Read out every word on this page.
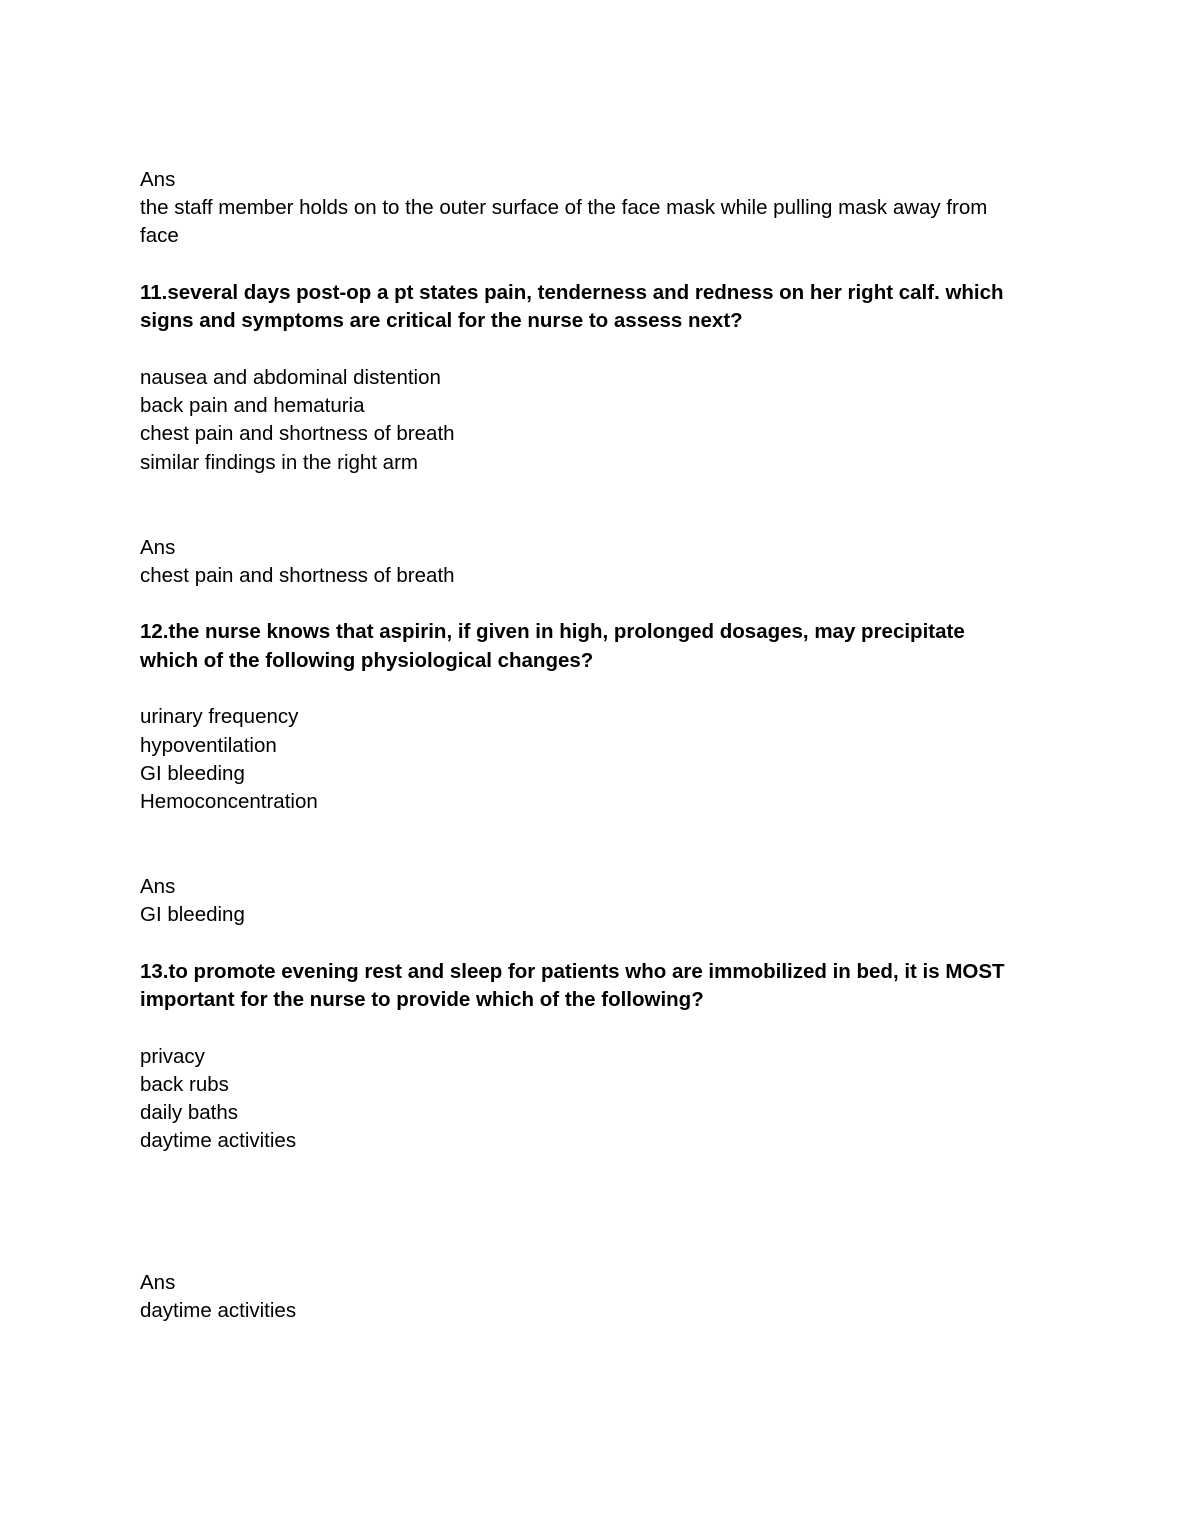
Ans

the staff member holds on to the outer surface of the face mask while pulling mask away from

face

11.several days post-op a pt states pain, tenderness and redness on her right calf. which

signs and symptoms are critical for the nurse to assess next?

nausea and abdominal distention

back pain and hematuria

chest pain and shortness of breath

similar findings in the right arm

Ans

chest pain and shortness of breath

12.the nurse knows that aspirin, if given in high, prolonged dosages, may precipitate

which of the following physiological changes?

urinary frequency

hypoventilation

GI bleeding

Hemoconcentration

Ans

GI bleeding

13.to promote evening rest and sleep for patients who are immobilized in bed, it is MOST

important for the nurse to provide which of the following?

privacy

back rubs

daily baths

daytime activities

Ans

daytime activities
